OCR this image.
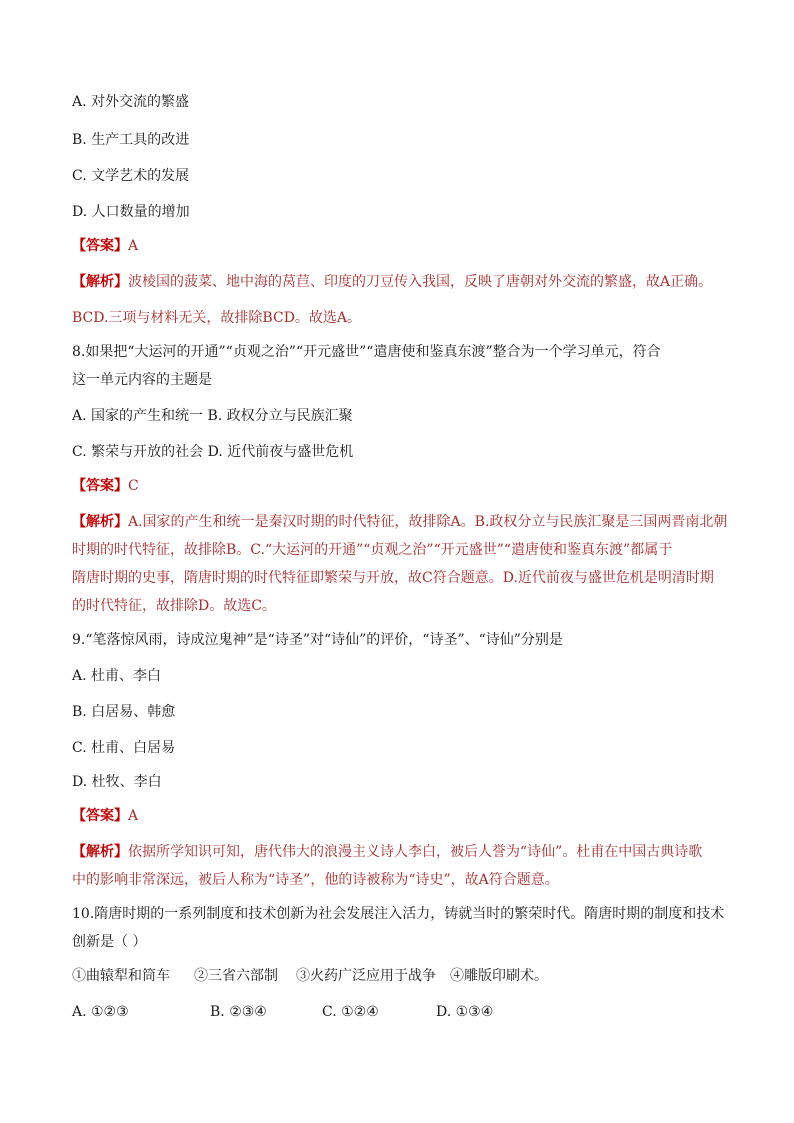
A. 对外交流的繁盛
B. 生产工具的改进
C. 文学艺术的发展
D. 人口数量的增加
【答案】A
【解析】波棱国的菠菜、地中海的莴苣、印度的刀豆传入我国，反映了唐朝对外交流的繁盛，故A正确。
BCD.三项与材料无关，故排除BCD。故选A。
8.如果把“大运河的开通”“贞观之治”“开元盛世”“遣唐使和鉴真东渡”整合为一个学习单元，符合
这一单元内容的主题是
A. 国家的产生和统一 B. 政权分立与民族汇聚
C. 繁荣与开放的社会 D. 近代前夜与盛世危机
【答案】C
【解析】A.国家的产生和统一是秦汉时期的时代特征，故排除A。B.政权分立与民族汇聚是三国两晋南北朝
时期的时代特征，故排除B。C.“大运河的开通”“贞观之治”“开元盛世”“遣唐使和鉴真东渡”都属于
隋唐时期的史事，隋唐时期的时代特征即繁荣与开放，故C符合题意。D.近代前夜与盛世危机是明清时期
的时代特征，故排除D。故选C。
9.“笔落惊风雨，诗成泣鬼神”是“诗圣”对“诗仙”的评价，“诗圣”、“诗仙”分别是
A. 杜甫、李白
B. 白居易、韩愈
C. 杜甫、白居易
D. 杜牧、李白
【答案】A
【解析】依据所学知识可知，唐代伟大的浪漫主义诗人李白，被后人誉为“诗仙”。杜甫在中国古典诗歌
中的影响非常深远，被后人称为“诗圣”，他的诗被称为“诗史”，故A符合题意。
10.隋唐时期的一系列制度和技术创新为社会发展注入活力，铸就当时的繁荣时代。隋唐时期的制度和技术
创新是（ ）
①曲辕犁和筒车 ②三省六部制 ③火药广泛应用于战争 ④雕版印刷术。
A. ①②③	B. ②③④	C. ①②④	D. ①③④
